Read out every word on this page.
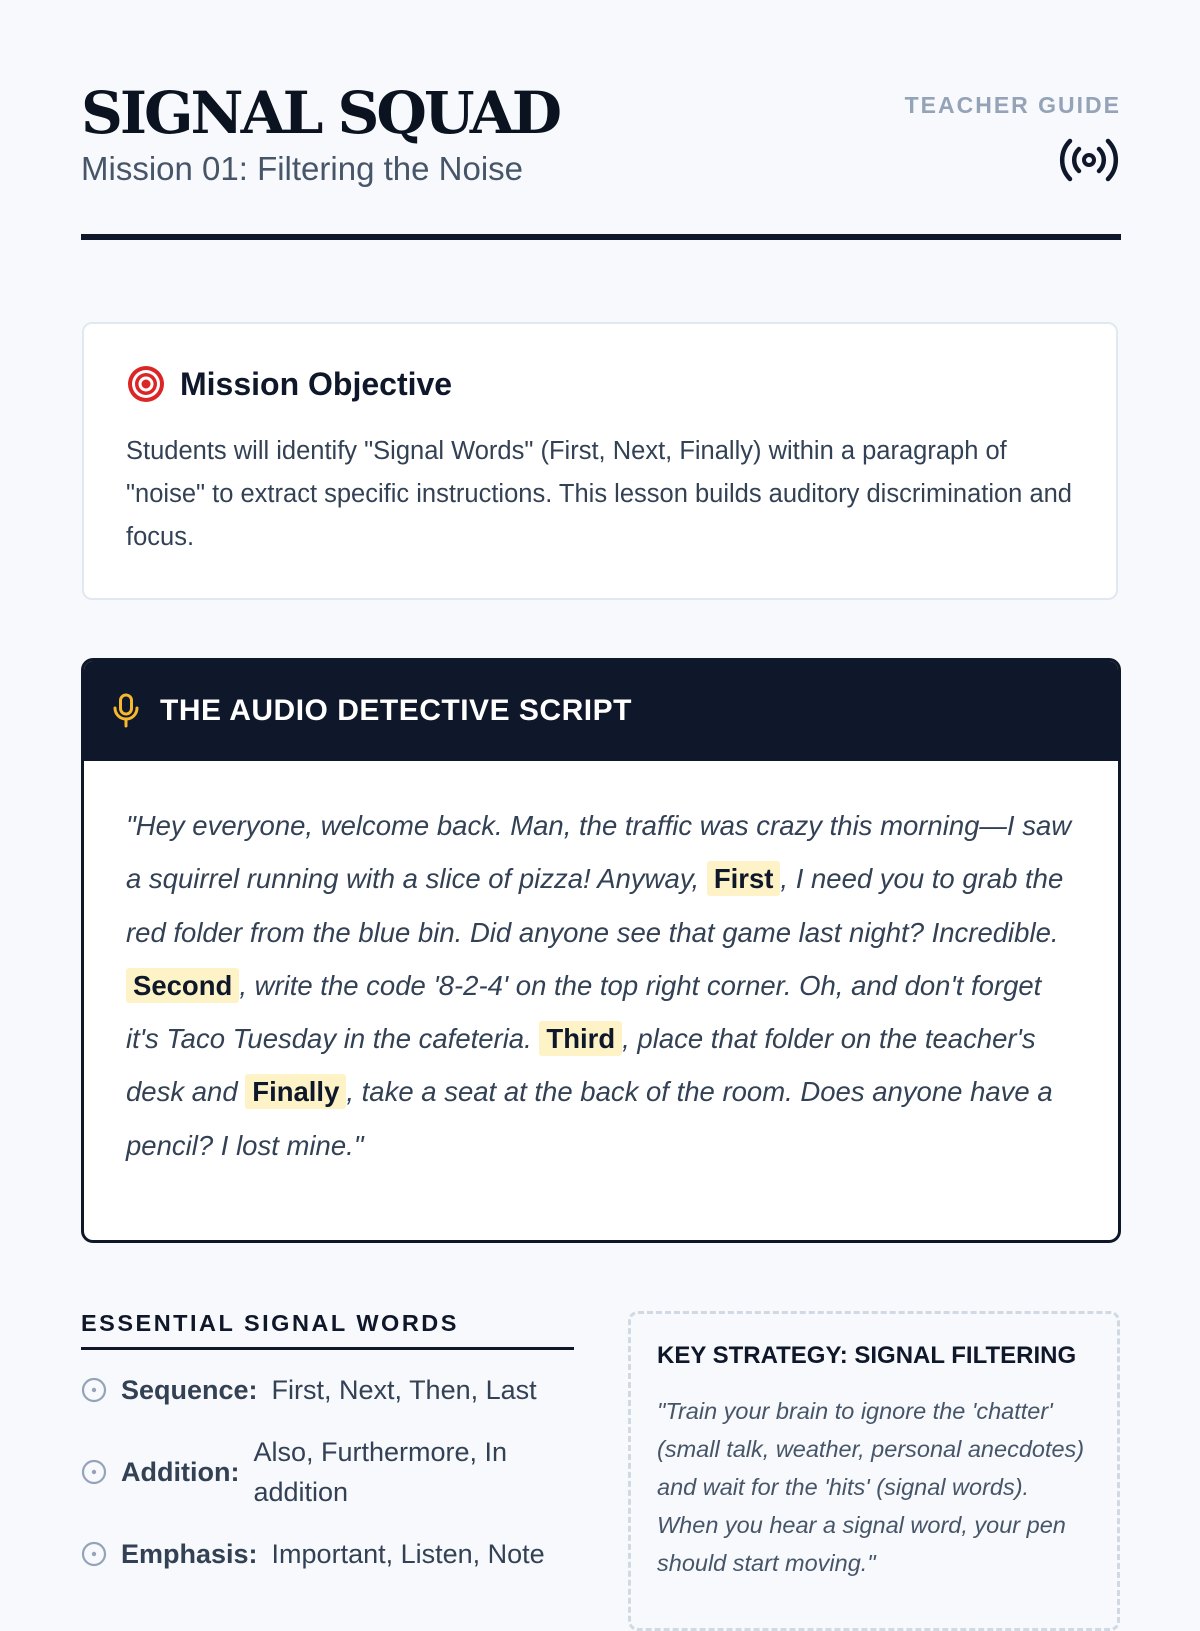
SIGNAL SQUAD
Mission 01: Filtering the Noise
TEACHER GUIDE
Mission Objective
Students will identify "Signal Words" (First, Next, Finally) within a paragraph of "noise" to extract specific instructions. This lesson builds auditory discrimination and focus.
THE AUDIO DETECTIVE SCRIPT
"Hey everyone, welcome back. Man, the traffic was crazy this morning—I saw a squirrel running with a slice of pizza! Anyway, First , I need you to grab the red folder from the blue bin. Did anyone see that game last night? Incredible. Second , write the code '8-2-4' on the top right corner. Oh, and don't forget it's Taco Tuesday in the cafeteria. Third , place that folder on the teacher's desk and Finally , take a seat at the back of the room. Does anyone have a pencil? I lost mine."
ESSENTIAL SIGNAL WORDS
Sequence: First, Next, Then, Last
Addition:
Also, Furthermore, In addition
Emphasis: Important, Listen, Note
KEY STRATEGY: SIGNAL FILTERING
"Train your brain to ignore the 'chatter' (small talk, weather, personal anecdotes) and wait for the 'hits' (signal words). When you hear a signal word, your pen should start moving."
